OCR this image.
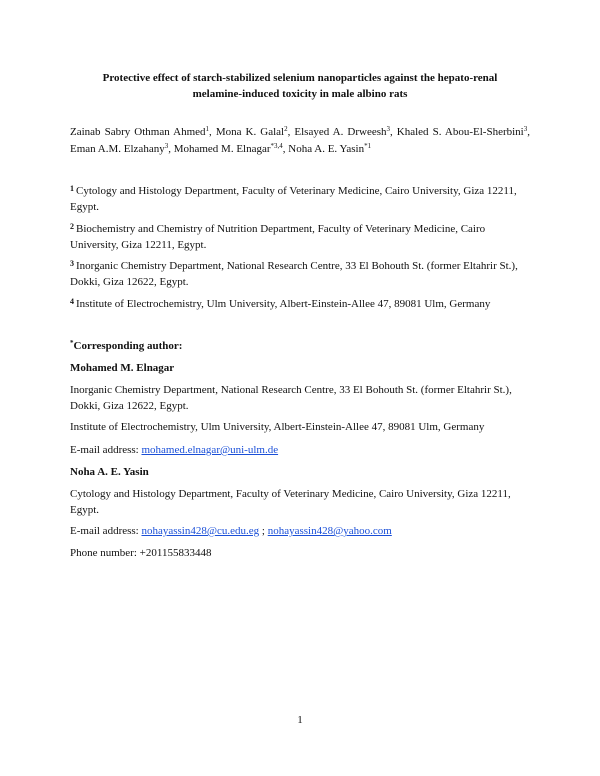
Protective effect of starch-stabilized selenium nanoparticles against the hepato-renal
melamine-induced toxicity in male albino rats
Zainab Sabry Othman Ahmed$^1$, Mona K. Galal$^2$, Elsayed A. Drweesh$^3$, Khaled S. Abou-El-Sherbini$^3$, Eman A.M. Elzahany$^3$, Mohamed M. Elnagar$^{*3,4}$, Noha A. E. Yasin$^{*1}$
$^1$ Cytology and Histology Department, Faculty of Veterinary Medicine, Cairo University, Giza 12211, Egypt.
$^2$ Biochemistry and Chemistry of Nutrition Department, Faculty of Veterinary Medicine, Cairo University, Giza 12211, Egypt.
$^3$ Inorganic Chemistry Department, National Research Centre, 33 El Bohouth St. (former Eltahrir St.), Dokki, Giza 12622, Egypt.
$^4$ Institute of Electrochemistry, Ulm University, Albert-Einstein-Allee 47, 89081 Ulm, Germany
*Corresponding author:
Mohamed M. Elnagar
Inorganic Chemistry Department, National Research Centre, 33 El Bohouth St. (former Eltahrir St.), Dokki, Giza 12622, Egypt.
Institute of Electrochemistry, Ulm University, Albert-Einstein-Allee 47, 89081 Ulm, Germany
E-mail address: mohamed.elnagar@uni-ulm.de
Noha A. E. Yasin
Cytology and Histology Department, Faculty of Veterinary Medicine, Cairo University, Giza 12211, Egypt.
E-mail address: nohayassin428@cu.edu.eg ; nohayassin428@yahoo.com
Phone number: +201155833448
1
